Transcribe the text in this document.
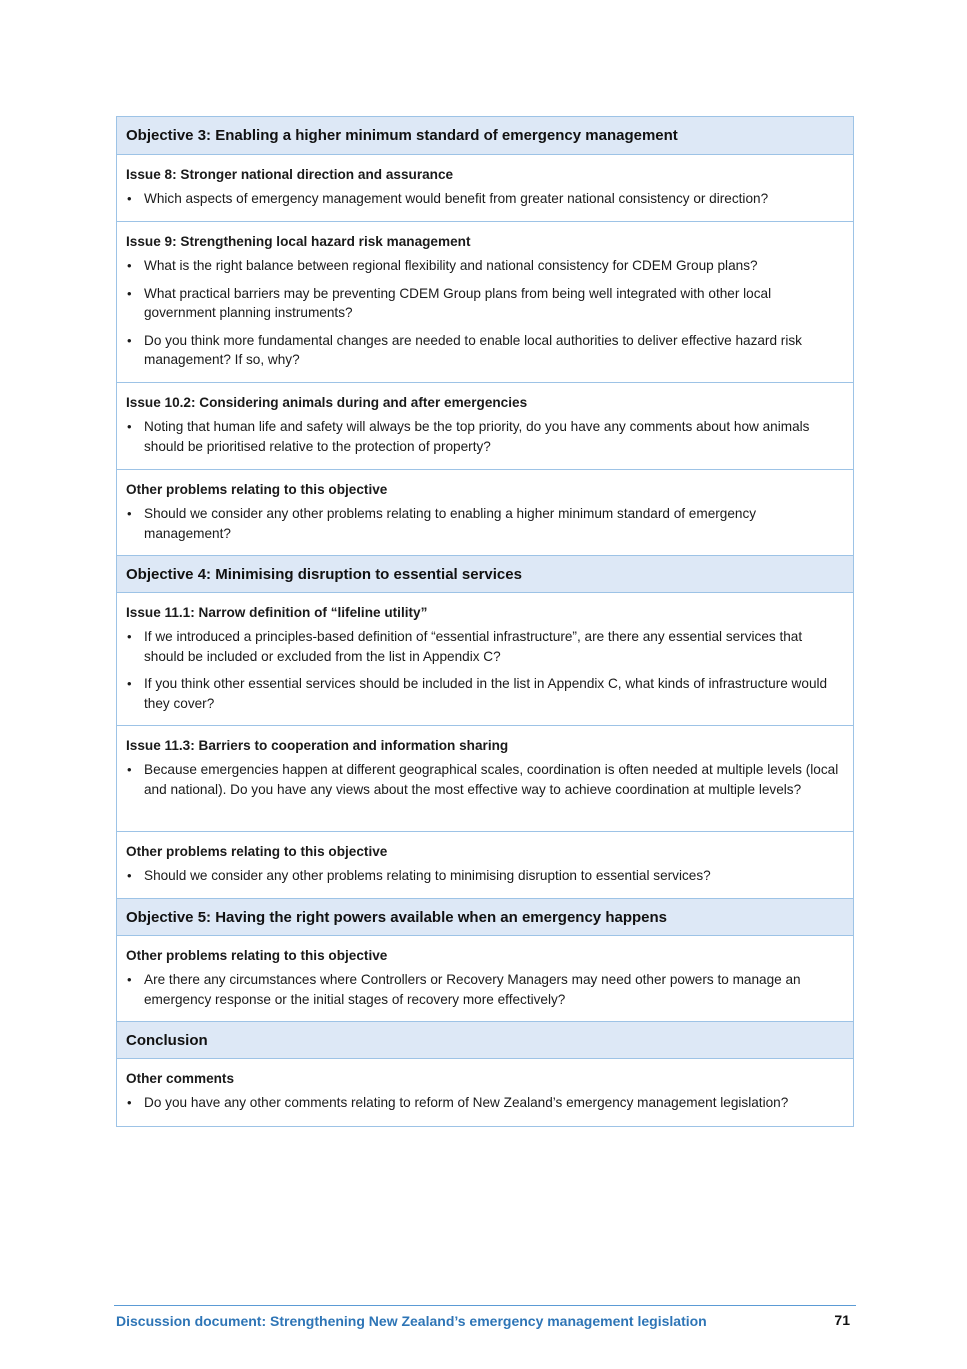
Objective 3: Enabling a higher minimum standard of emergency management
Issue 8: Stronger national direction and assurance
• Which aspects of emergency management would benefit from greater national consistency or direction?
Issue 9: Strengthening local hazard risk management
• What is the right balance between regional flexibility and national consistency for CDEM Group plans?
• What practical barriers may be preventing CDEM Group plans from being well integrated with other local government planning instruments?
• Do you think more fundamental changes are needed to enable local authorities to deliver effective hazard risk management? If so, why?
Issue 10.2: Considering animals during and after emergencies
• Noting that human life and safety will always be the top priority, do you have any comments about how animals should be prioritised relative to the protection of property?
Other problems relating to this objective
• Should we consider any other problems relating to enabling a higher minimum standard of emergency management?
Objective 4: Minimising disruption to essential services
Issue 11.1: Narrow definition of “lifeline utility”
• If we introduced a principles-based definition of “essential infrastructure”, are there any essential services that should be included or excluded from the list in Appendix C?
• If you think other essential services should be included in the list in Appendix C, what kinds of infrastructure would they cover?
Issue 11.3: Barriers to cooperation and information sharing
• Because emergencies happen at different geographical scales, coordination is often needed at multiple levels (local and national). Do you have any views about the most effective way to achieve coordination at multiple levels?
Other problems relating to this objective
• Should we consider any other problems relating to minimising disruption to essential services?
Objective 5: Having the right powers available when an emergency happens
Other problems relating to this objective
• Are there any circumstances where Controllers or Recovery Managers may need other powers to manage an emergency response or the initial stages of recovery more effectively?
Conclusion
Other comments
• Do you have any other comments relating to reform of New Zealand’s emergency management legislation?
Discussion document: Strengthening New Zealand’s emergency management legislation	71
